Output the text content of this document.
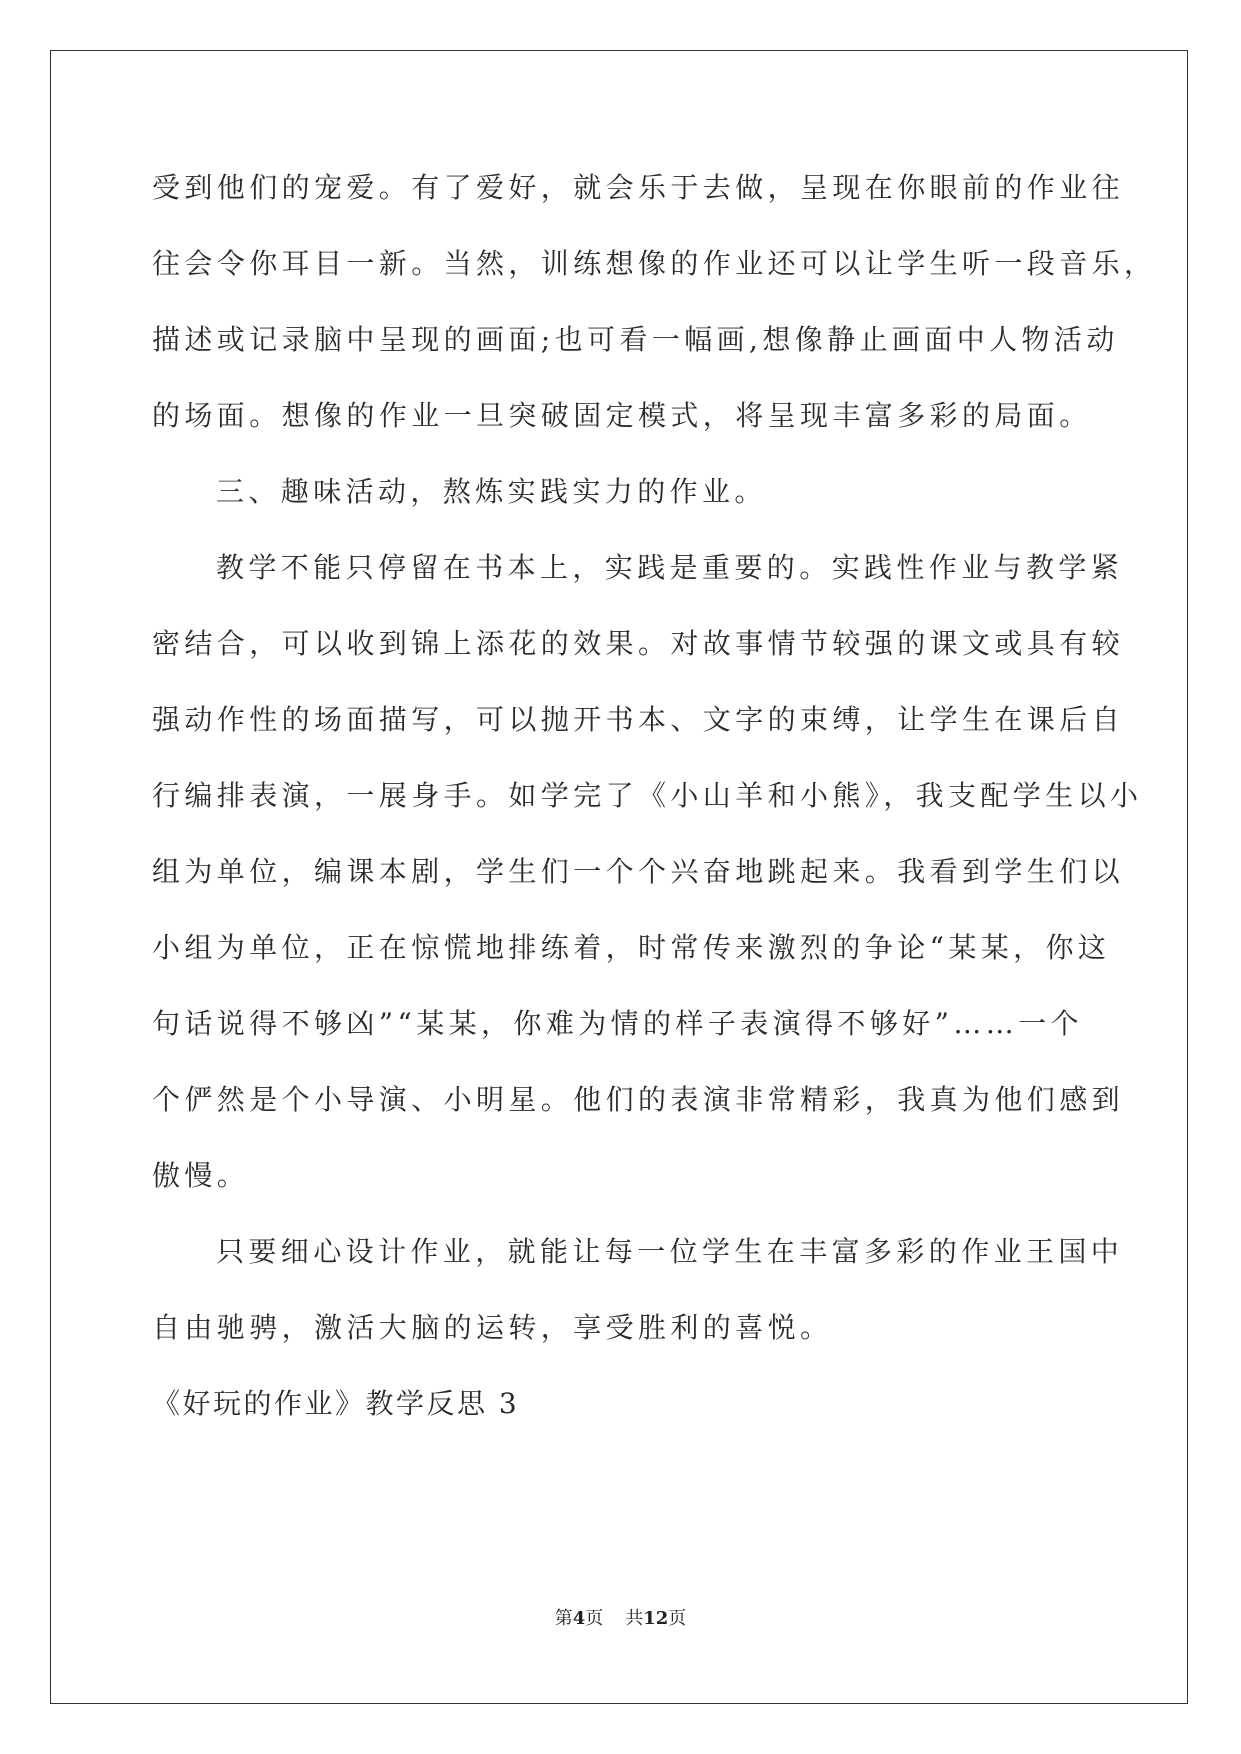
受到他们的宠爱。有了爱好，就会乐于去做，呈现在你眼前的作业往
往会令你耳目一新。当然，训练想像的作业还可以让学生听一段音乐，
描述或记录脑中呈现的画面;也可看一幅画,想像静止画面中人物活动
的场面。想像的作业一旦突破固定模式，将呈现丰富多彩的局面。
三、趣味活动，熬炼实践实力的作业。
教学不能只停留在书本上，实践是重要的。实践性作业与教学紧
密结合，可以收到锦上添花的效果。对故事情节较强的课文或具有较
强动作性的场面描写，可以抛开书本、文字的束缚，让学生在课后自
行编排表演，一展身手。如学完了《小山羊和小熊》，我支配学生以小
组为单位，编课本剧，学生们一个个兴奋地跳起来。我看到学生们以
小组为单位，正在惊慌地排练着，时常传来激烈的争论“某某，你这
句话说得不够凶”“某某，你难为情的样子表演得不够好”……一个
个俨然是个小导演、小明星。他们的表演非常精彩，我真为他们感到
傲慢。
只要细心设计作业，就能让每一位学生在丰富多彩的作业王国中
自由驰骋，激活大脑的运转，享受胜利的喜悦。
《好玩的作业》教学反思 3
第4页 共12页
